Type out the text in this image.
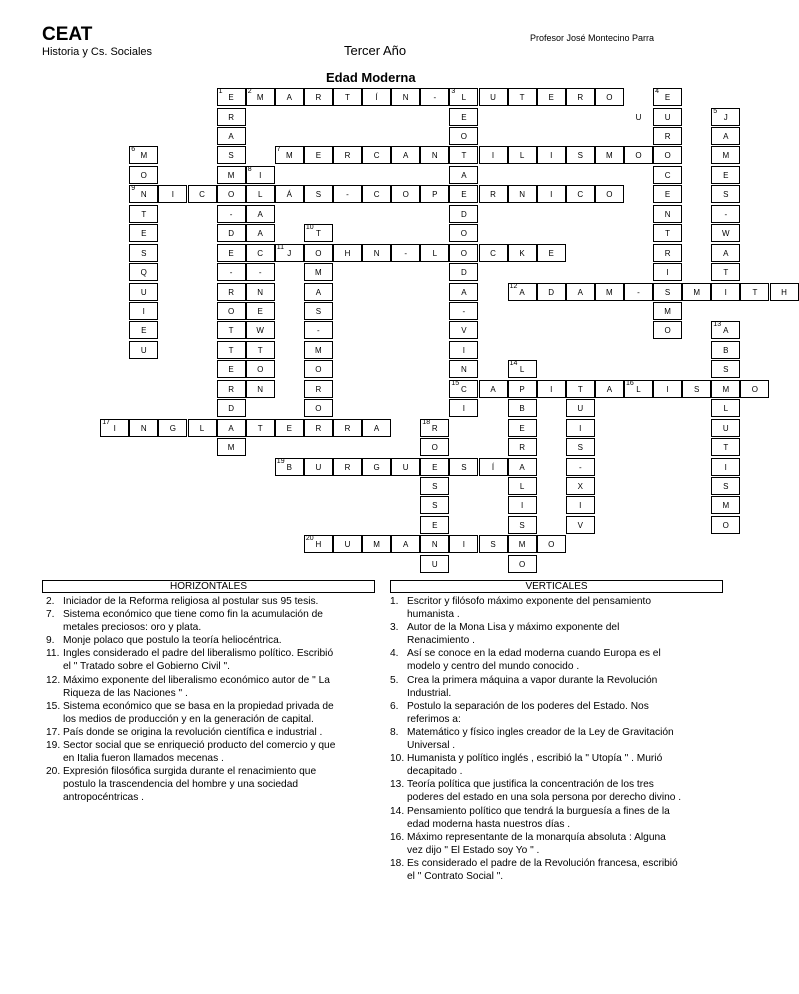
CEAT
Historia y Cs. Sociales	Tercer Año
Profesor José Montecino Parra
Edad Moderna
1
E
2
M	A	R	T	Í	N	-
3
L	U	T	E	R	O
4
E
R	E	U	U
5
J
A	O	R	A
6
M	S
7
M	E	R	C	A	N	T	I	L	I	S	M	O	O	M
O	M
8
I	A	C	E
9
N	I	C	O	L	Á	S	-	C	O	P	E	R	N	I	C	O	E	S
T	-	A	D	N	-
E	D	A
10
T	O	T	W
S	E	C
11
J	O	H	N	-	L	O	C	K	E	R	A
Q	-	-	M	D	I	T
U	R	N	A	A
12
A	D	A	M	-	S	M	I	T	H
I	O	E	S	-	M
E	T	W	-	V	O
13
A
U	T	T	M	I	B
E	O	O	N
14
L	S
R	N	R
15
C	A	P	I	T	A
16
L	I	S	M	O
D	O	I	B	U	L
17
I	N	G	L	A	T	E	R	R	A
18
R	E	I	U
M	O	R	S	T
19
B	U	R	G	U	E	S	Í	A	-	I
S	L	X	S
S	I	I	M
E	S	V	O
20
H	U	M	A	N	I	S	M	O
U	O
HORIZONTALES	VERTICALES
2. Iniciador de la Reforma religiosa al postular sus 95 tesis.
7. Sistema económico que tiene como fin la acumulación de
metales preciosos: oro y plata.
9. Monje polaco que postulo la teoría heliocéntrica.
11. Ingles considerado el padre del liberalismo político. Escribió
el " Tratado sobre el Gobierno Civil ".
12. Máximo exponente del liberalismo económico autor de " La
Riqueza de las Naciones " .
15. Sistema económico que se basa en la propiedad privada de
los medios de producción y en la generación de capital.
17. País donde se origina la revolución científica e industrial .
19. Sector social que se enriqueció producto del comercio y que
en Italia fueron llamados mecenas .
20. Expresión filosófica surgida durante el renacimiento que
postulo la trascendencia del hombre y una sociedad
antropocéntricas .
1. Escritor y filósofo máximo exponente del pensamiento
humanista .
3. Autor de la Mona Lisa y máximo exponente del
Renacimiento .
4. Así se conoce en la edad moderna cuando Europa es el
modelo y centro del mundo conocido .
5. Crea la primera máquina a vapor durante la Revolución
Industrial.
6. Postulo la separación de los poderes del Estado. Nos
referimos a:
8. Matemático y físico ingles creador de la Ley de Gravitación
Universal .
10. Humanista y político inglés , escribió la " Utopía " . Murió
decapitado .
13. Teoría política que justifica la concentración de los tres
poderes del estado en una sola persona por derecho divino .
14. Pensamiento político que tendrá la burguesía a fines de la
edad moderna hasta nuestros días .
16. Máximo representante de la monarquía absoluta : Alguna
vez dijo " El Estado soy Yo " .
18. Es considerado el padre de la Revolución francesa, escribió
el " Contrato Social ".
